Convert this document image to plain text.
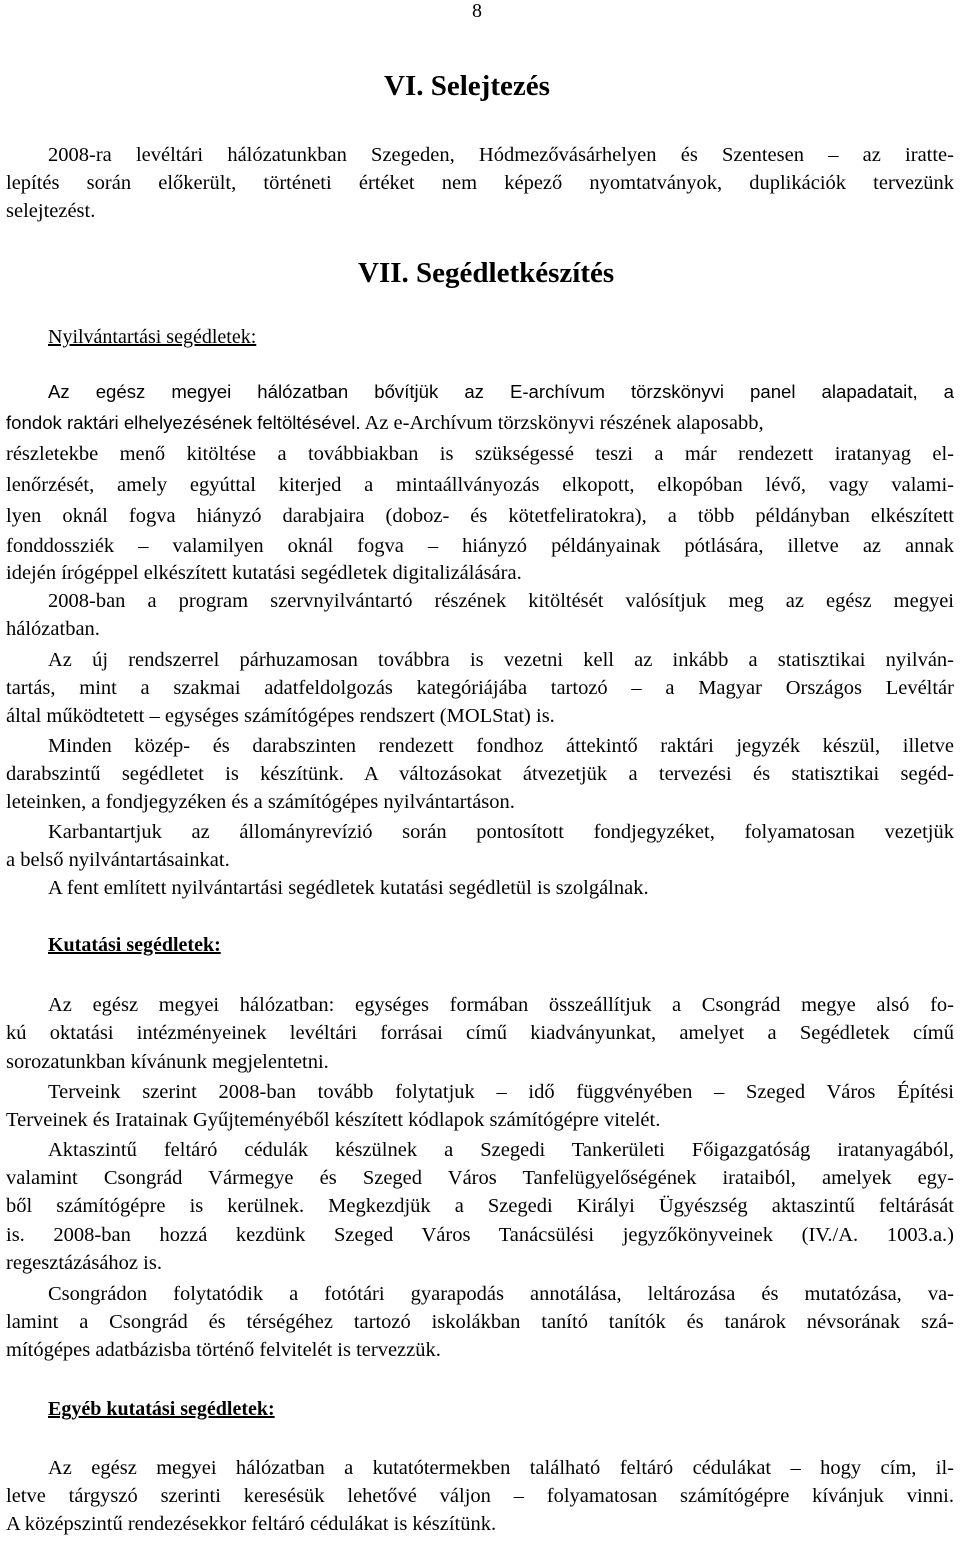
8
VI. Selejtezés
2008-ra levéltári hálózatunkban Szegeden, Hódmezővásárhelyen és Szentesen – az iratte-
lepítés során előkerült, történeti értéket nem képező nyomtatványok, duplikációk tervezünk
selejtezést.
VII. Segédletkészítés
Nyilvántartási segédletek:
Az egész megyei hálózatban bővítjük az E-archívum törzskönyvi panel alapadatait, a
fondok raktári elhelyezésének feltöltésével. Az e-Archívum törzskönyvi részének alaposabb,
részletekbe menő kitöltése a továbbiakban is szükségessé teszi a már rendezett iratanyag el-
lenőrzését, amely egyúttal kiterjed a mintaállványozás elkopott, elkopóban lévő, vagy valami-
lyen oknál fogva hiányzó darabjaira (doboz- és kötetfeliratokra), a több példányban elkészített
fonddossziék – valamilyen oknál fogva – hiányzó példányainak pótlására, illetve az annak
idején írógéppel elkészített kutatási segédletek digitalizálására.
2008-ban a program szervnyilvántartó részének kitöltését valósítjuk meg az egész megyei
hálózatban.
Az új rendszerrel párhuzamosan továbbra is vezetni kell az inkább a statisztikai nyilván-
tartás, mint a szakmai adatfeldolgozás kategóriájába tartozó – a Magyar Országos Levéltár
által működtetett – egységes számítógépes rendszert (MOLStat) is.
Minden közép- és darabszinten rendezett fondhoz áttekintő raktári jegyzék készül, illetve
darabszintű segédletet is készítünk. A változásokat átvezetjük a tervezési és statisztikai segéd-
leteinken, a fondjegyzéken és a számítógépes nyilvántartáson.
Karbantartjuk az állományrevízió során pontosított fondjegyzéket, folyamatosan vezetjük
a belső nyilvántartásainkat.
A fent említett nyilvántartási segédletek kutatási segédletül is szolgálnak.
Kutatási segédletek:
Az egész megyei hálózatban: egységes formában összeállítjuk a Csongrád megye alsó fo-
kú oktatási intézményeinek levéltári forrásai című kiadványunkat, amelyet a Segédletek című
sorozatunkban kívánunk megjelentetni.
Terveink szerint 2008-ban tovább folytatjuk – idő függvényében – Szeged Város Építési
Terveinek és Iratainak Gyűjteményéből készített kódlapok számítógépre vitelét.
Aktaszintű feltáró cédulák készülnek a Szegedi Tankerületi Főigazgatóság iratanyagából,
valamint Csongrád Vármegye és Szeged Város Tanfelügyelőségének irataiból, amelyek egy-
ből számítógépre is kerülnek. Megkezdjük a Szegedi Királyi Ügyészség aktaszintű feltárását
is. 2008-ban hozzá kezdünk Szeged Város Tanácsülési jegyzőkönyveinek (IV./A. 1003.a.)
regesztázásához is.
Csongrádon folytatódik a fotótári gyarapodás annotálása, leltározása és mutatózása, va-
lamint a Csongrád és térségéhez tartozó iskolákban tanító tanítók és tanárok névsorának szá-
mítógépes adatbázisba történő felvitelét is tervezzük.
Egyéb kutatási segédletek:
Az egész megyei hálózatban a kutatótermekben található feltáró cédulákat – hogy cím, il-
letve tárgyszó szerinti keresésük lehetővé váljon – folyamatosan számítógépre kívánjuk vinni.
A középszintű rendezésekkor feltáró cédulákat is készítünk.
